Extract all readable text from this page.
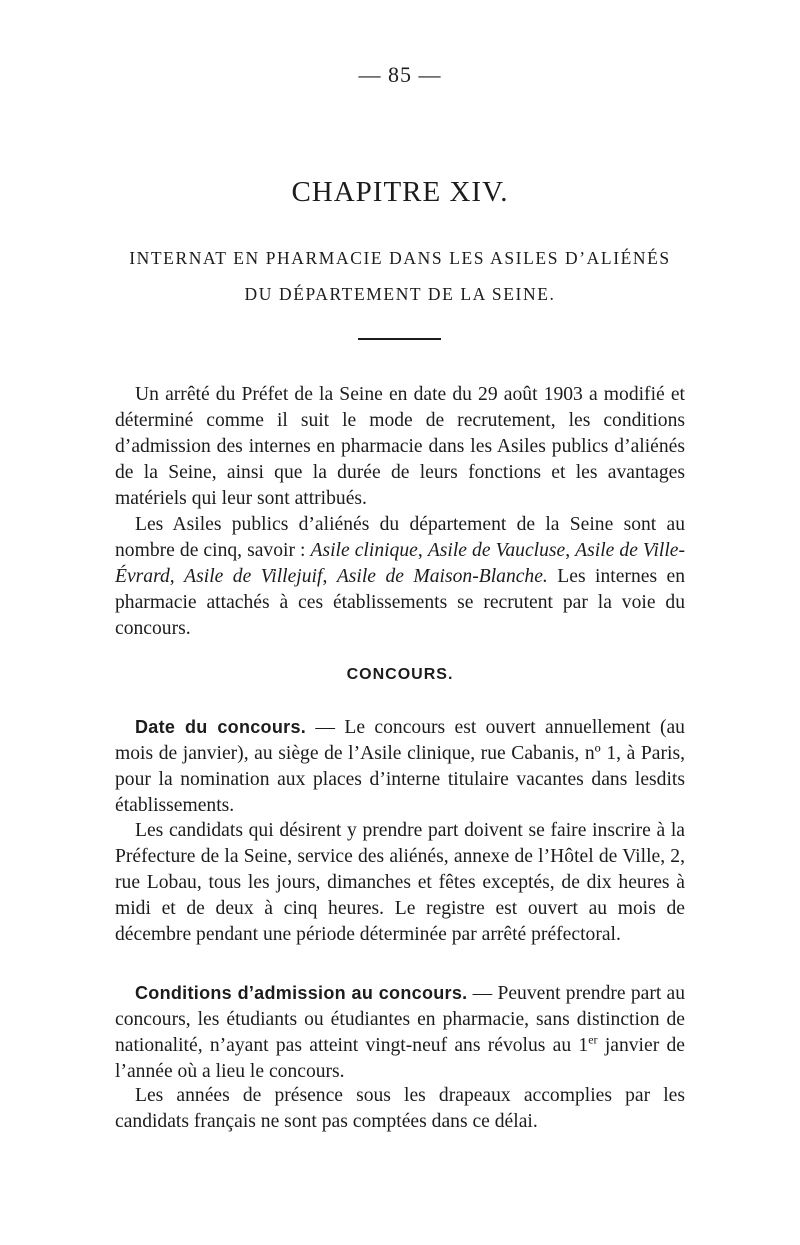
— 85 —
CHAPITRE XIV.
INTERNAT EN PHARMACIE DANS LES ASILES D’ALIÉNÉS
DU DÉPARTEMENT DE LA SEINE.

Un arrêté du Préfet de la Seine en date du 29 août 1903 a modifié et déterminé comme il suit le mode de recrutement, les conditions d’admission des internes en pharmacie dans les Asiles publics d’aliénés de la Seine, ainsi que la durée de leurs fonctions et les avantages matériels qui leur sont attribués.

Les Asiles publics d’aliénés du département de la Seine sont au nombre de cinq, savoir : Asile clinique, Asile de Vaucluse, Asile de Ville-Évrard, Asile de Villejuif, Asile de Maison-Blanche. Les internes en pharmacie attachés à ces établissements se recrutent par la voie du concours.

CONCOURS.

Date du concours. — Le concours est ouvert annuellement (au mois de janvier), au siège de l’Asile clinique, rue Cabanis, nº 1, à Paris, pour la nomination aux places d’interne titulaire vacantes dans lesdits établissements.

Les candidats qui désirent y prendre part doivent se faire inscrire à la Préfecture de la Seine, service des aliénés, annexe de l’Hôtel de Ville, 2, rue Lobau, tous les jours, dimanches et fêtes exceptés, de dix heures à midi et de deux à cinq heures. Le registre est ouvert au mois de décembre pendant une période déterminée par arrêté préfectoral.

Conditions d’admission au concours. — Peuvent prendre part au concours, les étudiants ou étudiantes en pharmacie, sans distinction de nationalité, n’ayant pas atteint vingt-neuf ans révolus au 1er janvier de l’année où a lieu le concours.

Les années de présence sous les drapeaux accomplies par les candidats français ne sont pas comptées dans ce délai.
